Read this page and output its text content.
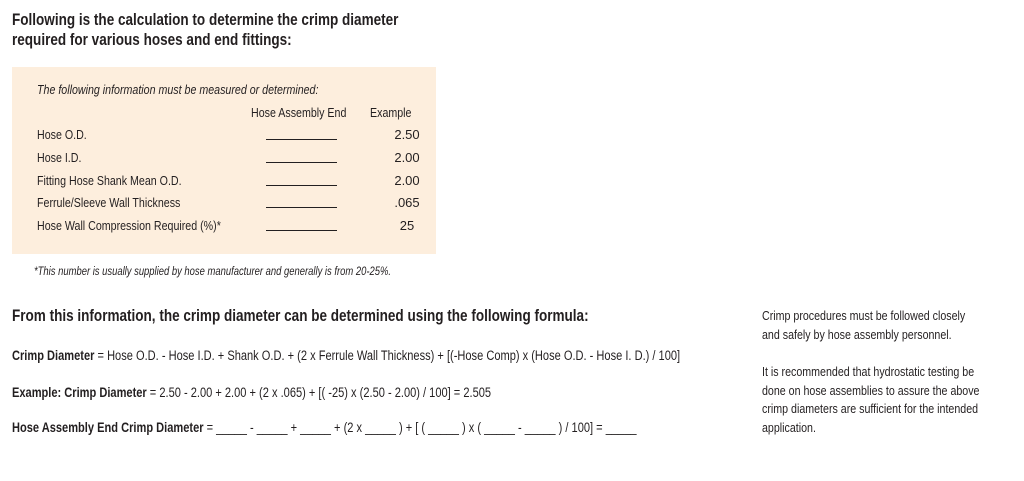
Following is the calculation to determine the crimp diameter
required for various hoses and end fittings:
The following information must be measured or determined:
Hose Assembly End Example
Hose O.D.	2.50
Hose I.D.	2.00
Fitting Hose Shank Mean O.D.	2.00
Ferrule/Sleeve Wall Thickness	.065
Hose Wall Compression Required (%)*	25
*This number is usually supplied by hose manufacturer and generally is from 20-25%.
From this information, the crimp diameter can be determined using the following formula:
Crimp Diameter = Hose O.D. - Hose I.D. + Shank O.D. + (2 x Ferrule Wall Thickness) + [(-Hose Comp) x (Hose O.D. - Hose I. D.) / 100]
Example: Crimp Diameter = 2.50 - 2.00 + 2.00 + (2 x .065) + [( -25) x (2.50 - 2.00) / 100] = 2.505
Hose Assembly End Crimp Diameter = _____ - _____ + _____ + (2 x _____ ) + [ ( _____ ) x ( _____ - _____ ) / 100] = _____
Crimp procedures must be followed closely
and safely by hose assembly personnel.
It is recommended that hydrostatic testing be
done on hose assemblies to assure the above
crimp diameters are sufficient for the intended
application.
